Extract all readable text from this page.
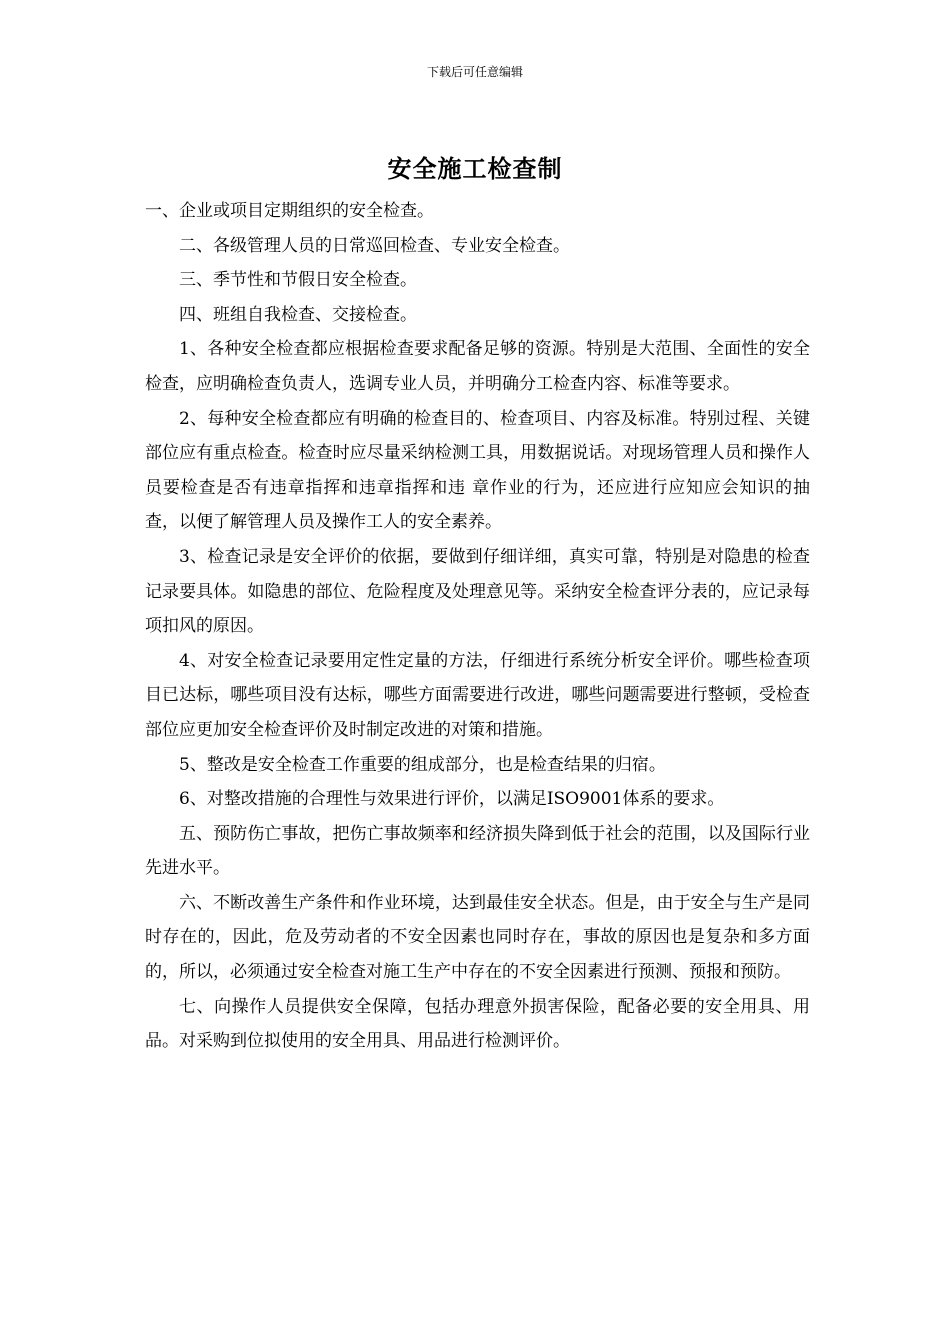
下载后可任意编辑
安全施工检查制

一、企业或项目定期组织的安全检查。

二、各级管理人员的日常巡回检查、专业安全检查。

三、季节性和节假日安全检查。

四、班组自我检查、交接检查。

1、各种安全检查都应根据检查要求配备足够的资源。特别是大范围、全面性的安全检查，应明确检查负责人，选调专业人员，并明确分工检查内容、标准等要求。

2、每种安全检查都应有明确的检查目的、检查项目、内容及标准。特别过程、关键部位应有重点检查。检查时应尽量采纳检测工具，用数据说话。对现场管理人员和操作人员要检查是否有违章指挥和违章指挥和违 章作业的行为，还应进行应知应会知识的抽查，以便了解管理人员及操作工人的安全素养。

3、检查记录是安全评价的依据，要做到仔细详细，真实可靠，特别是对隐患的检查记录要具体。如隐患的部位、危险程度及处理意见等。采纳安全检查评分表的，应记录每项扣风的原因。

4、对安全检查记录要用定性定量的方法，仔细进行系统分析安全评价。哪些检查项目已达标，哪些项目没有达标，哪些方面需要进行改进，哪些问题需要进行整顿，受检查部位应更加安全检查评价及时制定改进的对策和措施。

5、整改是安全检查工作重要的组成部分，也是检查结果的归宿。

6、对整改措施的合理性与效果进行评价，以满足ISO9001体系的要求。

五、预防伤亡事故，把伤亡事故频率和经济损失降到低于社会的范围，以及国际行业先进水平。

六、不断改善生产条件和作业环境，达到最佳安全状态。但是，由于安全与生产是同时存在的，因此，危及劳动者的不安全因素也同时存在，事故的原因也是复杂和多方面的，所以，必须通过安全检查对施工生产中存在的不安全因素进行预测、预报和预防。

七、向操作人员提供安全保障，包括办理意外损害保险，配备必要的安全用具、用品。对采购到位拟使用的安全用具、用品进行检测评价。
